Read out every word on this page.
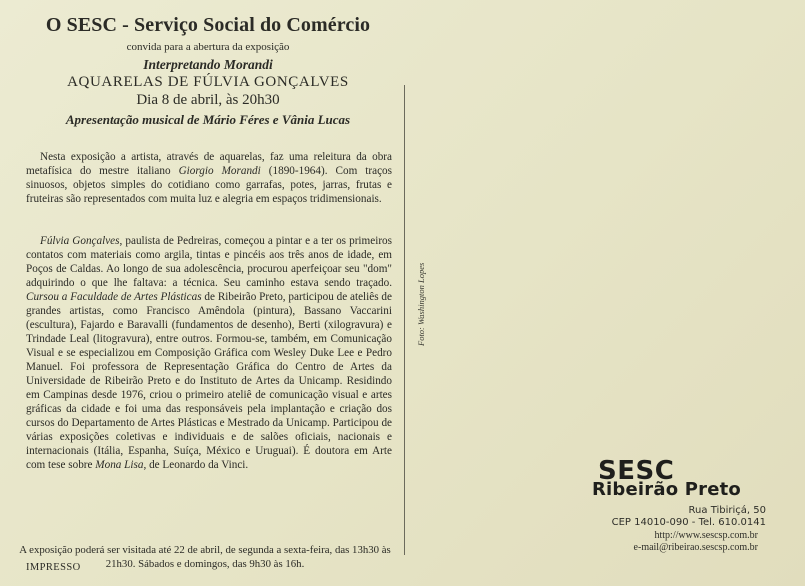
O SESC - Serviço Social do Comércio
convida para a abertura da exposição
Interpretando Morandi
AQUARELAS DE FÚLVIA GONÇALVES
Dia 8 de abril, às 20h30
Apresentação musical de Mário Féres e Vânia Lucas

Nesta exposição a artista, através de aquarelas, faz uma releitura da obra metafísica do mestre italiano Giorgio Morandi (1890-1964). Com traços sinuosos, objetos simples do cotidiano como garrafas, potes, jarras, frutas e fruteiras são representados com muita luz e alegria em espaços tridimensionais.

Fúlvia Gonçalves, paulista de Pedreiras, começou a pintar e a ter os primeiros contatos com materiais como argila, tintas e pincéis aos três anos de idade, em Poços de Caldas. Ao longo de sua adolescência, procurou aperfeiçoar seu "dom" adquirindo o que lhe faltava: a técnica. Seu caminho estava sendo traçado. Cursou a Faculdade de Artes Plásticas de Ribeirão Preto, participou de ateliês de grandes artistas, como Francisco Amêndola (pintura), Bassano Vaccarini (escultura), Fajardo e Baravalli (fundamentos de desenho), Berti (xilogravura) e Trindade Leal (litogravura), entre outros. Formou-se, também, em Comunicação Visual e se especializou em Composição Gráfica com Wesley Duke Lee e Pedro Manuel. Foi professora de Representação Gráfica do Centro de Artes da Universidade de Ribeirão Preto e do Instituto de Artes da Unicamp. Residindo em Campinas desde 1976, criou o primeiro ateliê de comunicação visual e artes gráficas da cidade e foi uma das responsáveis pela implantação e criação dos cursos do Departamento de Artes Plásticas e Mestrado da Unicamp. Participou de várias exposições coletivas e individuais e de salões oficiais, nacionais e internacionais (Itália, Espanha, Suíça, México e Uruguai). É doutora em Arte com tese sobre Mona Lisa, de Leonardo da Vinci.

A exposição poderá ser visitada até 22 de abril, de segunda a sexta-feira, das 13h30 às 21h30. Sábados e domingos, das 9h30 às 16h.
IMPRESSO
Foto: Washington Lopes
SESC
Ribeirão Preto
Rua Tibiriçá, 50
CEP 14010-090 - Tel. 610.0141
http://www.sescsp.com.br
e-mail@ribeirao.sescsp.com.br
